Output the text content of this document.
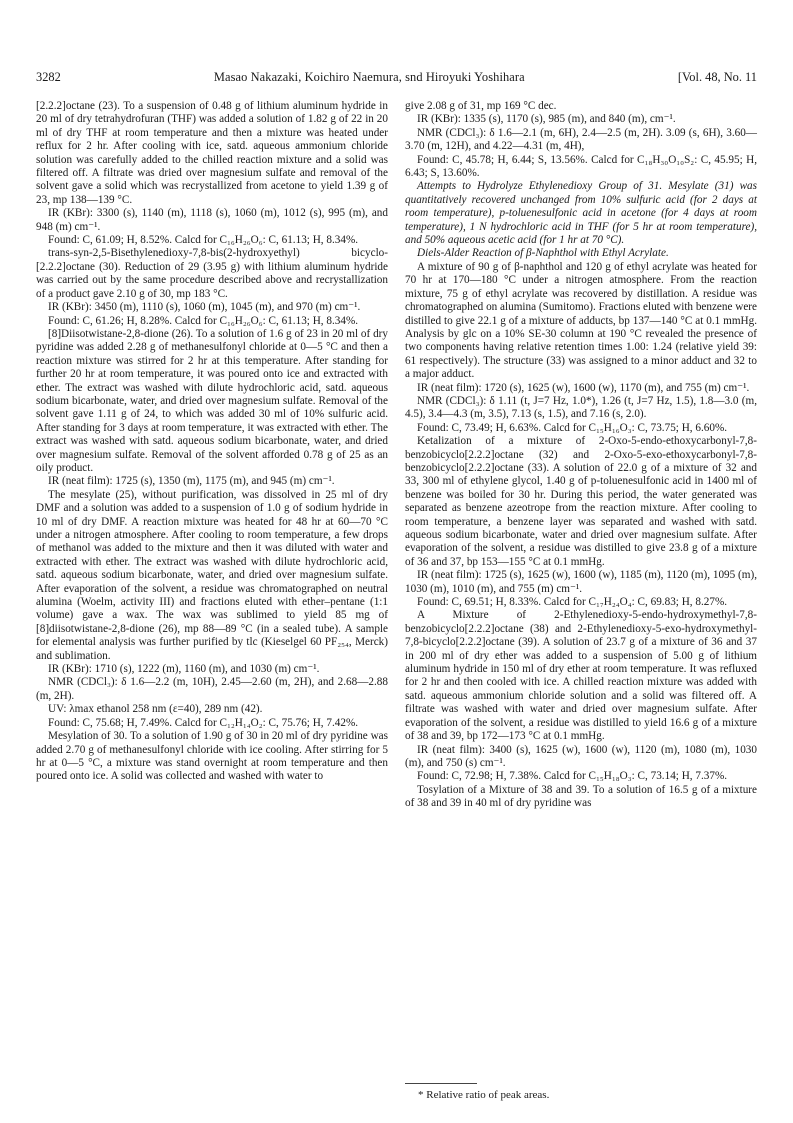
3282	Masao Nakazaki, Koichiro Naemura, snd Hiroyuki Yoshihara	[Vol. 48, No. 11

[2.2.2]octane (23). To a suspension of 0.48 g of lithium aluminum hydride in 20 ml of dry tetrahydrofuran (THF) was added a solution of 1.82 g of 22 in 20 ml of dry THF at room temperature and then a mixture was heated under reflux for 2 hr. After cooling with ice, satd. aqueous ammonium chloride solution was carefully added to the chilled reaction mixture and a solid was filtered off. A filtrate was dried over magnesium sulfate and removal of the solvent gave a solid which was recrystallized from acetone to yield 1.39 g of 23, mp 138—139 °C.

IR (KBr): 3300 (s), 1140 (m), 1118 (s), 1060 (m), 1012 (s), 995 (m), and 948 (m) cm⁻¹.

Found: C, 61.09; H, 8.52%. Calcd for C₁₆H₂₆O₆: C, 61.13; H, 8.34%.

trans-syn-2,5-Bisethylenedioxy-7,8-bis(2-hydroxyethyl) bicyclo-[2.2.2]octane (30). Reduction of 29 (3.95 g) with lithium aluminum hydride was carried out by the same procedure described above and recrystallization of a product gave 2.10 g of 30, mp 183 °C.

IR (KBr): 3450 (m), 1110 (s), 1060 (m), 1045 (m), and 970 (m) cm⁻¹.

Found: C, 61.26; H, 8.28%. Calcd for C₁₆H₂₆O₆: C, 61.13; H, 8.34%.

[8]Diisotwistane-2,8-dione (26). To a solution of 1.6 g of 23 in 20 ml of dry pyridine was added 2.28 g of methanesulfonyl chloride at 0—5 °C and then a reaction mixture was stirred for 2 hr at this temperature. After standing for further 20 hr at room temperature, it was poured onto ice and extracted with ether. The extract was washed with dilute hydrochloric acid, satd. aqueous sodium bicarbonate, water, and dried over magnesium sulfate. Removal of the solvent gave 1.11 g of 24, to which was added 30 ml of 10% sulfuric acid. After standing for 3 days at room temperature, it was extracted with ether. The extract was washed with satd. aqueous sodium bicarbonate, water, and dried over magnesium sulfate. Removal of the solvent afforded 0.78 g of 25 as an oily product.

IR (neat film): 1725 (s), 1350 (m), 1175 (m), and 945 (m) cm⁻¹.

The mesylate (25), without purification, was dissolved in 25 ml of dry DMF and a solution was added to a suspension of 1.0 g of sodium hydride in 10 ml of dry DMF. A reaction mixture was heated for 48 hr at 60—70 °C under a nitrogen atmosphere. After cooling to room temperature, a few drops of methanol was added to the mixture and then it was diluted with water and extracted with ether. The extract was washed with dilute hydrochloric acid, satd. aqueous sodium bicarbonate, water, and dried over magnesium sulfate. After evaporation of the solvent, a residue was chromatographed on neutral alumina (Woelm, activity III) and fractions eluted with ether–pentane (1:1 volume) gave a wax. The wax was sublimed to yield 85 mg of [8]diisotwistane-2,8-dione (26), mp 88—89 °C (in a sealed tube). A sample for elemental analysis was further purified by tlc (Kieselgel 60 PF₂₅₄, Merck) and sublimation.

IR (KBr): 1710 (s), 1222 (m), 1160 (m), and 1030 (m) cm⁻¹.

NMR (CDCl₃): δ 1.6—2.2 (m, 10H), 2.45—2.60 (m, 2H), and 2.68—2.88 (m, 2H).

UV: λmax ethanol 258 nm (ε=40), 289 nm (42).

Found: C, 75.68; H, 7.49%. Calcd for C₁₂H₁₄O₂: C, 75.76; H, 7.42%.

Mesylation of 30. To a solution of 1.90 g of 30 in 20 ml of dry pyridine was added 2.70 g of methanesulfonyl chloride with ice cooling. After stirring for 5 hr at 0—5 °C, a mixture was stand overnight at room temperature and then poured onto ice. A solid was collected and washed with water to

give 2.08 g of 31, mp 169 °C dec.

IR (KBr): 1335 (s), 1170 (s), 985 (m), and 840 (m), cm⁻¹.

NMR (CDCl₃): δ 1.6—2.1 (m, 6H), 2.4—2.5 (m, 2H). 3.09 (s, 6H), 3.60—3.70 (m, 12H), and 4.22—4.31 (m, 4H),

Found: C, 45.78; H, 6.44; S, 13.56%. Calcd for C₁₈H₃₀O₁₀S₂: C, 45.95; H, 6.43; S, 13.60%.

Attempts to Hydrolyze Ethylenedioxy Group of 31. Mesylate (31) was quantitatively recovered unchanged from 10% sulfuric acid (for 2 days at room temperature), p-toluenesulfonic acid in acetone (for 4 days at room temperature), 1 N hydrochloric acid in THF (for 5 hr at room temperature), and 50% aqueous acetic acid (for 1 hr at 70 °C).

Diels-Alder Reaction of β-Naphthol with Ethyl Acrylate.

A mixture of 90 g of β-naphthol and 120 g of ethyl acrylate was heated for 70 hr at 170—180 °C under a nitrogen atmosphere. From the reaction mixture, 75 g of ethyl acrylate was recovered by distillation. A residue was chromatographed on alumina (Sumitomo). Fractions eluted with benzene were distilled to give 22.1 g of a mixture of adducts, bp 137—140 °C at 0.1 mmHg. Analysis by glc on a 10% SE-30 column at 190 °C revealed the presence of two components having relative retention times 1.00: 1.24 (relative yield 39: 61 respectively). The structure (33) was assigned to a minor adduct and 32 to a major adduct.

IR (neat film): 1720 (s), 1625 (w), 1600 (w), 1170 (m), and 755 (m) cm⁻¹.

NMR (CDCl₃): δ 1.11 (t, J=7 Hz, 1.0*), 1.26 (t, J=7 Hz, 1.5), 1.8—3.0 (m, 4.5), 3.4—4.3 (m, 3.5), 7.13 (s, 1.5), and 7.16 (s, 2.0).

Found: C, 73.49; H, 6.63%. Calcd for C₁₅H₁₆O₃: C, 73.75; H, 6.60%.

Ketalization of a mixture of 2-Oxo-5-endo-ethoxycarbonyl-7,8-benzobicyclo[2.2.2]octane (32) and 2-Oxo-5-exo-ethoxycarbonyl-7,8-benzobicyclo[2.2.2]octane (33). A solution of 22.0 g of a mixture of 32 and 33, 300 ml of ethylene glycol, 1.40 g of p-toluenesulfonic acid in 1400 ml of benzene was boiled for 30 hr. During this period, the water generated was separated as benzene azeotrope from the reaction mixture. After cooling to room temperature, a benzene layer was separated and washed with satd. aqueous sodium bicarbonate, water and dried over magnesium sulfate. After evaporation of the solvent, a residue was distilled to give 23.8 g of a mixture of 36 and 37, bp 153—155 °C at 0.1 mmHg.

IR (neat film): 1725 (s), 1625 (w), 1600 (w), 1185 (m), 1120 (m), 1095 (m), 1030 (m), 1010 (m), and 755 (m) cm⁻¹.

Found: C, 69.51; H, 8.33%. Calcd for C₁₇H₂₄O₄: C, 69.83; H, 8.27%.

A Mixture of 2-Ethylenedioxy-5-endo-hydroxymethyl-7,8-benzobicyclo[2.2.2]octane (38) and 2-Ethylenedioxy-5-exo-hydroxymethyl-7,8-bicyclo[2.2.2]octane (39). A solution of 23.7 g of a mixture of 36 and 37 in 200 ml of dry ether was added to a suspension of 5.00 g of lithium aluminum hydride in 150 ml of dry ether at room temperature. It was refluxed for 2 hr and then cooled with ice. A chilled reaction mixture was added with satd. aqueous ammonium chloride solution and a solid was filtered off. A filtrate was washed with water and dried over magnesium sulfate. After evaporation of the solvent, a residue was distilled to yield 16.6 g of a mixture of 38 and 39, bp 172—173 °C at 0.1 mmHg.

IR (neat film): 3400 (s), 1625 (w), 1600 (w), 1120 (m), 1080 (m), 1030 (m), and 750 (s) cm⁻¹.

Found: C, 72.98; H, 7.38%. Calcd for C₁₅H₁₈O₃: C, 73.14; H, 7.37%.

Tosylation of a Mixture of 38 and 39. To a solution of 16.5 g of a mixture of 38 and 39 in 40 ml of dry pyridine was

* Relative ratio of peak areas.
